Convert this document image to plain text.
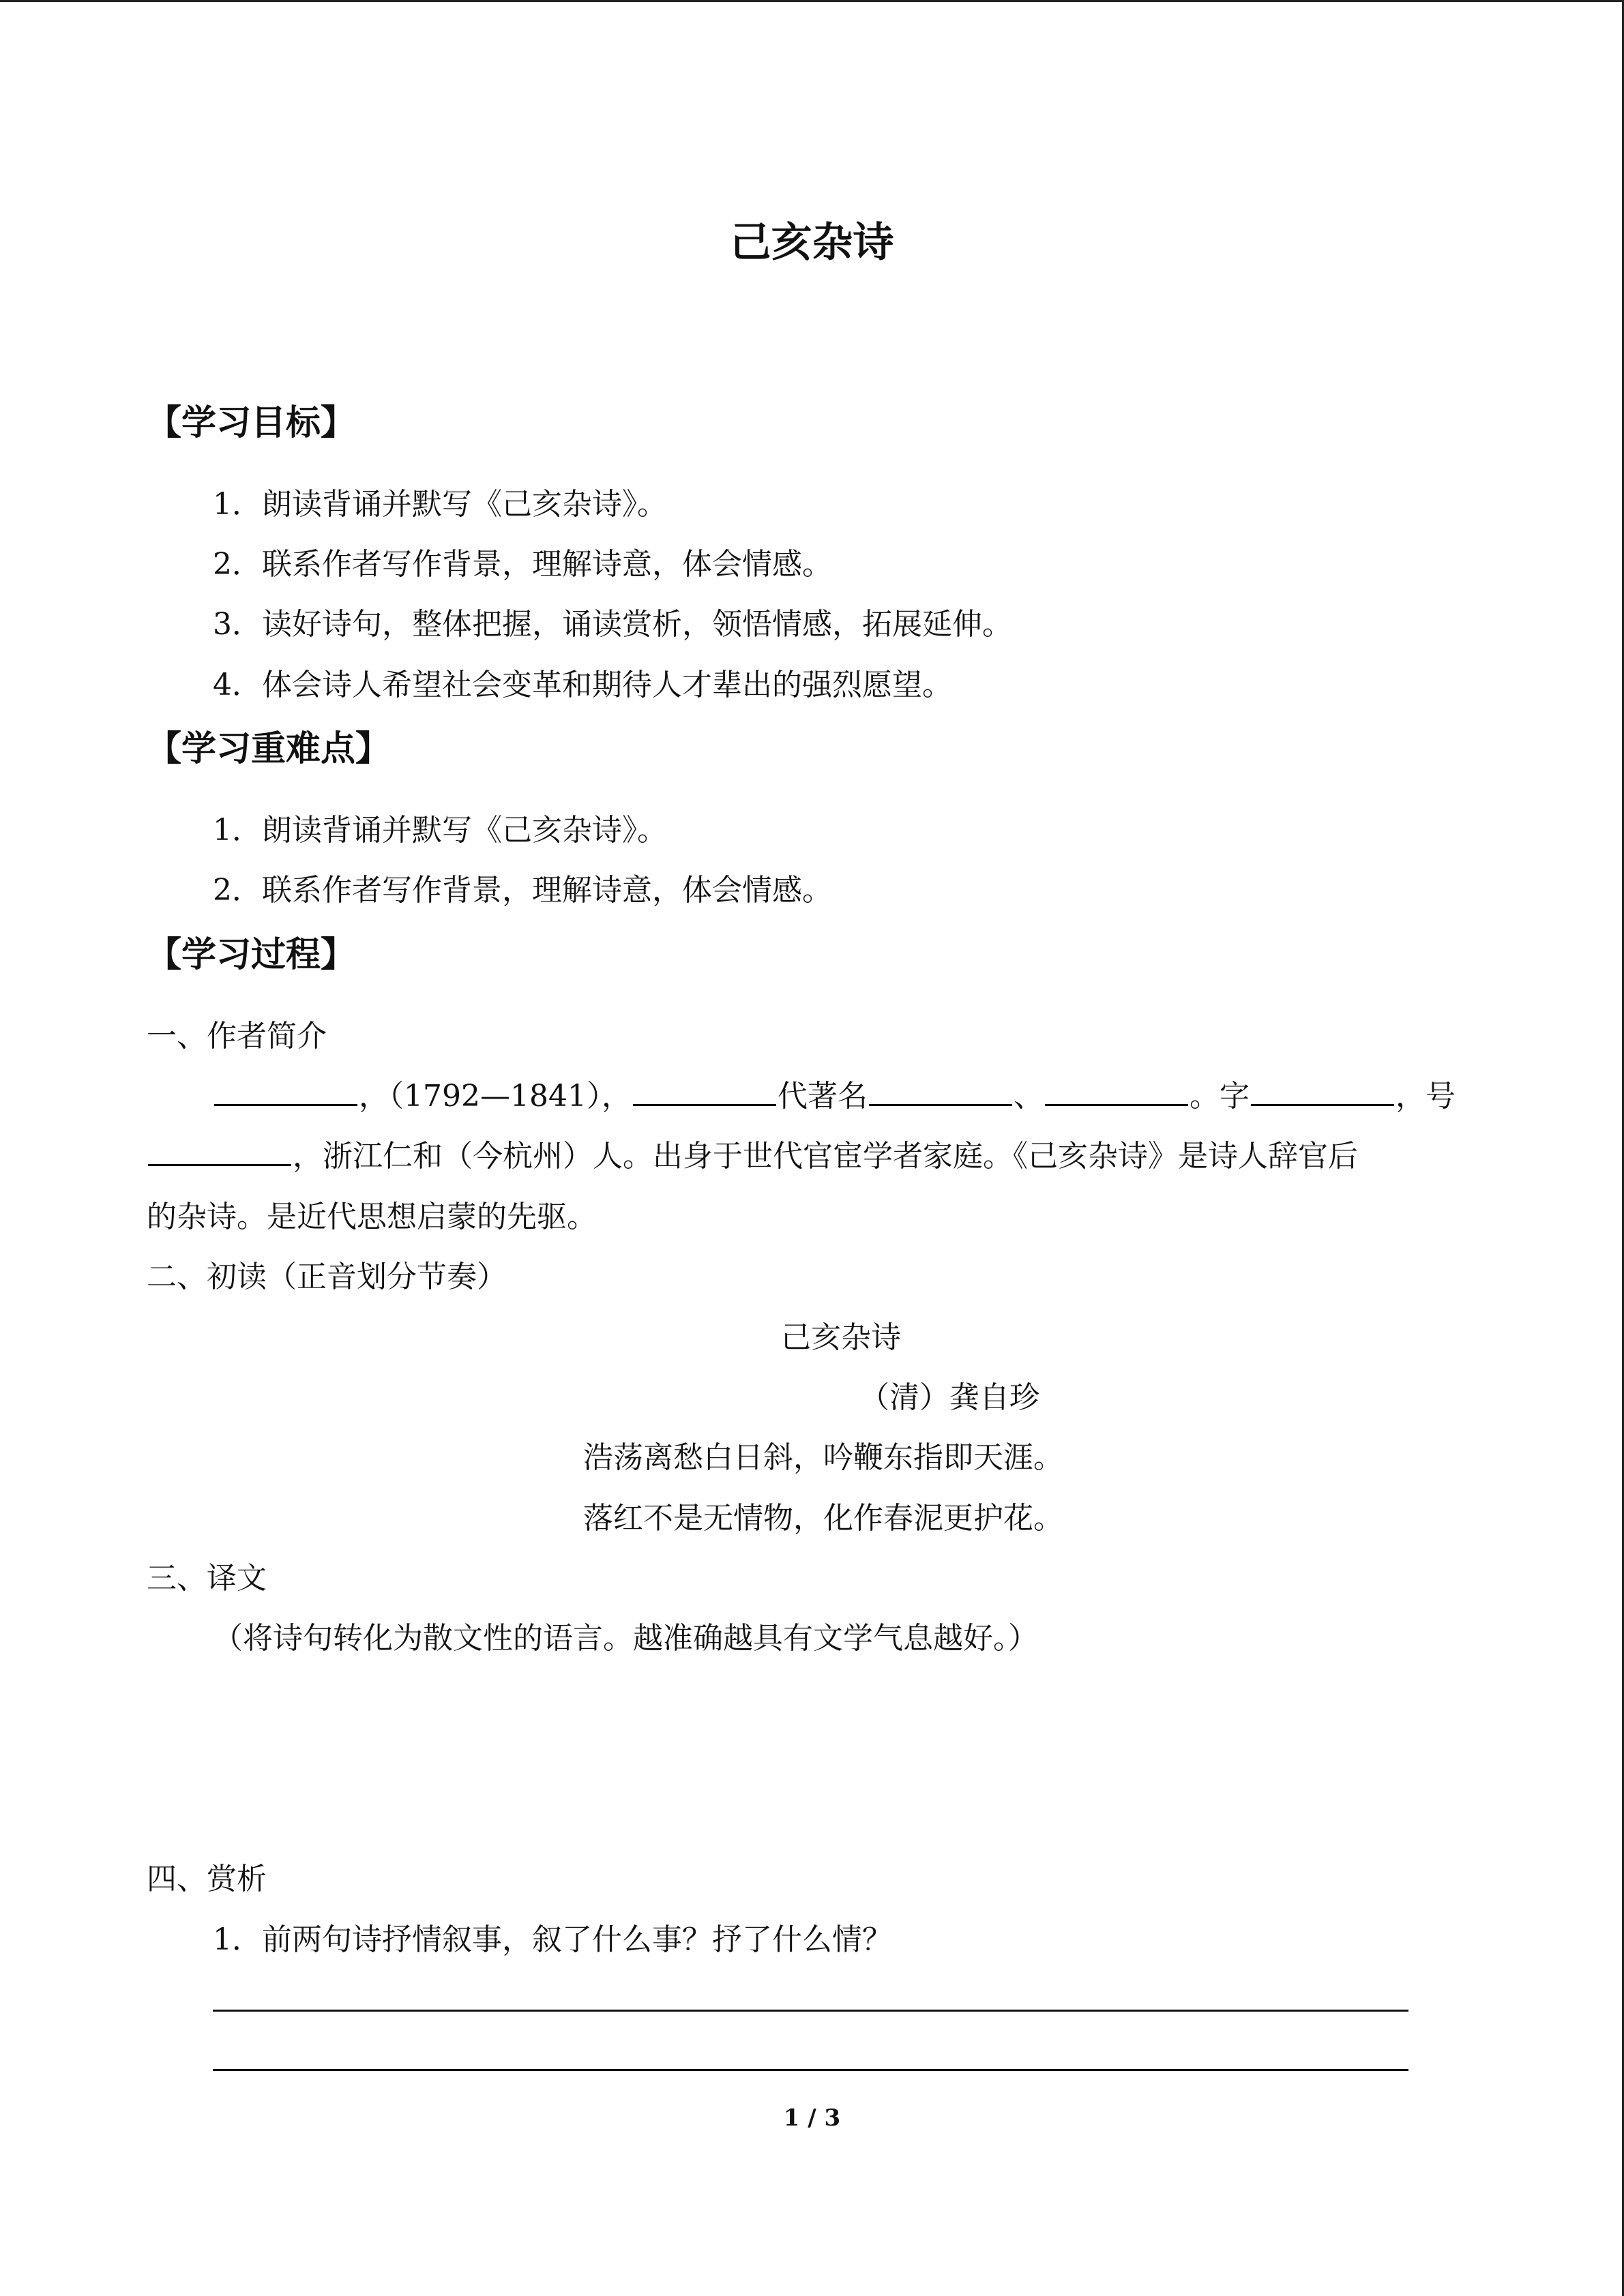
己亥杂诗
【学习目标】
1．朗读背诵并默写《己亥杂诗》。
2．联系作者写作背景，理解诗意，体会情感。
3．读好诗句，整体把握，诵读赏析，领悟情感，拓展延伸。
4．体会诗人希望社会变革和期待人才辈出的强烈愿望。
【学习重难点】
1．朗读背诵并默写《己亥杂诗》。
2．联系作者写作背景，理解诗意，体会情感。
【学习过程】
一、作者简介
，（1792—1841），	代著名	、	。字	，号
，浙江仁和（今杭州）人。出身于世代官宦学者家庭。《己亥杂诗》是诗人辞官后
的杂诗。是近代思想启蒙的先驱。
二、初读（正音划分节奏）
己亥杂诗
（清）龚自珍
浩荡离愁白日斜，吟鞭东指即天涯。
落红不是无情物，化作春泥更护花。
三、译文
（将诗句转化为散文性的语言。越准确越具有文学气息越好。）
四、赏析
1．前两句诗抒情叙事，叙了什么事？抒了什么情？
1 / 3
